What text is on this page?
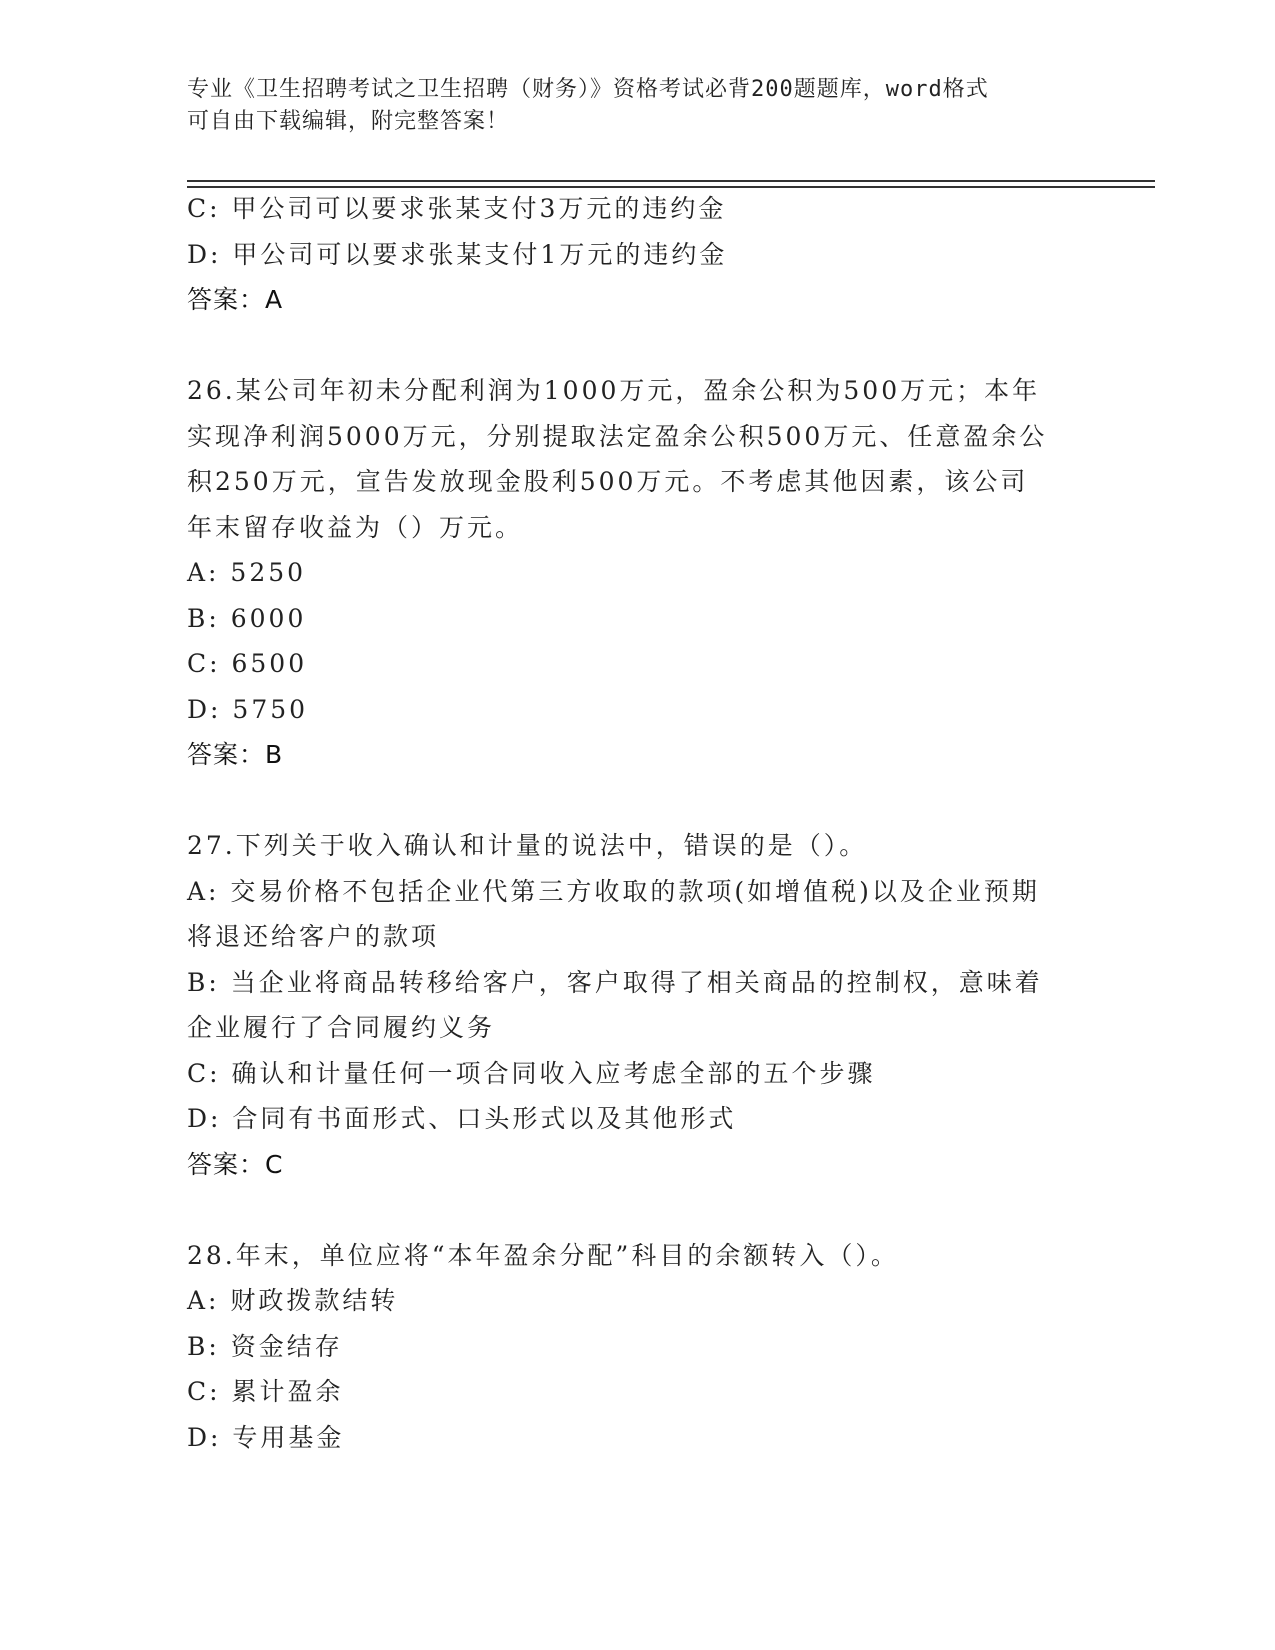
专业《卫生招聘考试之卫生招聘（财务）》资格考试必背200题题库，word格式
可自由下载编辑，附完整答案！
C: 甲公司可以要求张某支付3万元的违约金
D: 甲公司可以要求张某支付1万元的违约金
答案：A
26.某公司年初未分配利润为1000万元，盈余公积为500万元；本年
实现净利润5000万元，分别提取法定盈余公积500万元、任意盈余公
积250万元，宣告发放现金股利500万元。不考虑其他因素，该公司
年末留存收益为（）万元。
A: 5250
B: 6000
C: 6500
D: 5750
答案：B
27.下列关于收入确认和计量的说法中，错误的是（）。
A: 交易价格不包括企业代第三方收取的款项(如增值税)以及企业预期
将退还给客户的款项
B: 当企业将商品转移给客户，客户取得了相关商品的控制权，意味着
企业履行了合同履约义务
C: 确认和计量任何一项合同收入应考虑全部的五个步骤
D: 合同有书面形式、口头形式以及其他形式
答案：C
28.年末，单位应将“本年盈余分配”科目的余额转入（）。
A: 财政拨款结转
B: 资金结存
C: 累计盈余
D: 专用基金
